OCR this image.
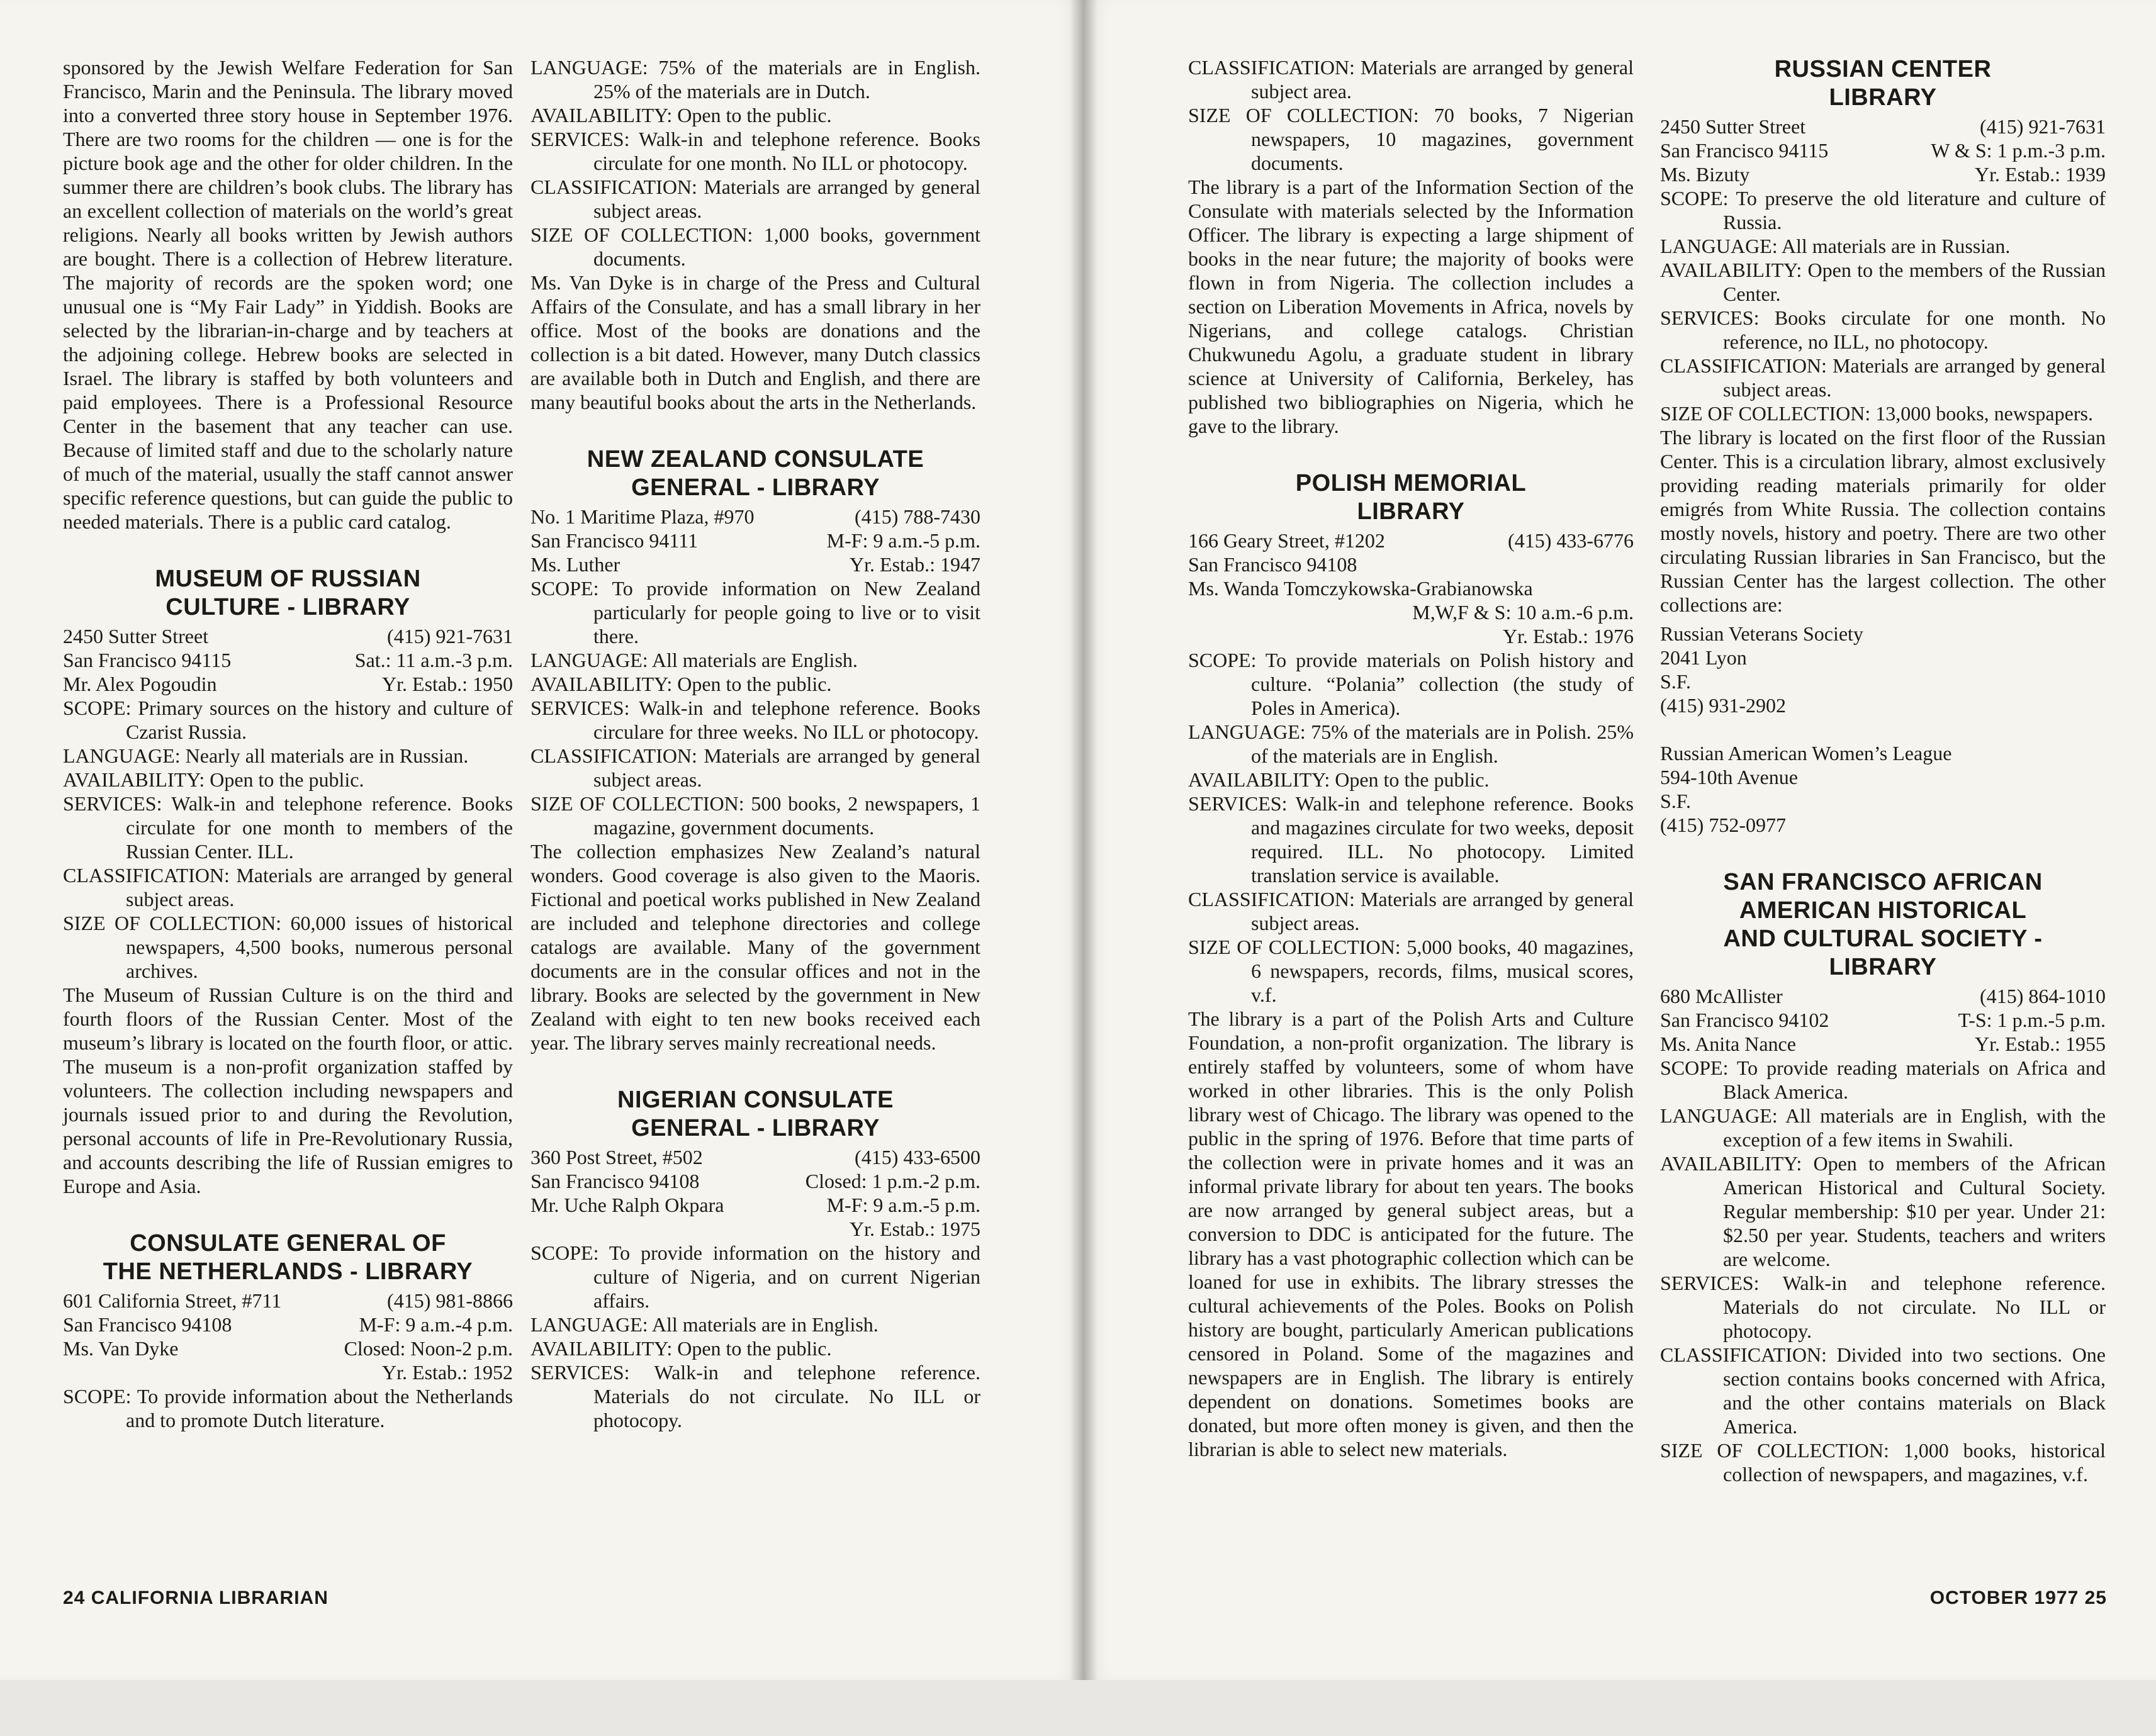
sponsored by the Jewish Welfare Federation for San Francisco, Marin and the Peninsula. The library moved into a converted three story house in September 1976. There are two rooms for the children — one is for the picture book age and the other for older children. In the summer there are children’s book clubs. The library has an excellent collection of materials on the world’s great religions. Nearly all books written by Jewish authors are bought. There is a collection of Hebrew literature. The majority of records are the spoken word; one unusual one is “My Fair Lady” in Yiddish. Books are selected by the librarian-in-charge and by teachers at the adjoining college. Hebrew books are selected in Israel. The library is staffed by both volunteers and paid employees. There is a Professional Resource Center in the basement that any teacher can use. Because of limited staff and due to the scholarly nature of much of the material, usually the staff cannot answer specific reference questions, but can guide the public to needed materials. There is a public card catalog.

MUSEUM OF RUSSIAN
CULTURE - LIBRARY
2450 Sutter Street	(415) 921-7631
San Francisco 94115	Sat.: 11 a.m.-3 p.m.
Mr. Alex Pogoudin	Yr. Estab.: 1950

SCOPE: Primary sources on the history and culture of Czarist Russia.

LANGUAGE: Nearly all materials are in Russian.

AVAILABILITY: Open to the public.

SERVICES: Walk-in and telephone reference. Books circulate for one month to members of the Russian Center. ILL.

CLASSIFICATION: Materials are arranged by general subject areas.

SIZE OF COLLECTION: 60,000 issues of historical newspapers, 4,500 books, numerous personal archives.

The Museum of Russian Culture is on the third and fourth floors of the Russian Center. Most of the museum’s library is located on the fourth floor, or attic. The museum is a non-profit organization staffed by volunteers. The collection including newspapers and journals issued prior to and during the Revolution, personal accounts of life in Pre-Revolutionary Russia, and accounts describing the life of Russian emigres to Europe and Asia.

CONSULATE GENERAL OF
THE NETHERLANDS - LIBRARY
601 California Street, #711	(415) 981-8866
San Francisco 94108	M-F: 9 a.m.-4 p.m.
Ms. Van Dyke	Closed: Noon-2 p.m.
Yr. Estab.: 1952

SCOPE: To provide information about the Netherlands and to promote Dutch literature.

LANGUAGE: 75% of the materials are in English. 25% of the materials are in Dutch.

AVAILABILITY: Open to the public.

SERVICES: Walk-in and telephone reference. Books circulate for one month. No ILL or photocopy.

CLASSIFICATION: Materials are arranged by general subject areas.

SIZE OF COLLECTION: 1,000 books, government documents.

Ms. Van Dyke is in charge of the Press and Cultural Affairs of the Consulate, and has a small library in her office. Most of the books are donations and the collection is a bit dated. However, many Dutch classics are available both in Dutch and English, and there are many beautiful books about the arts in the Netherlands.

NEW ZEALAND CONSULATE
GENERAL - LIBRARY
No. 1 Maritime Plaza, #970	(415) 788-7430
San Francisco 94111	M-F: 9 a.m.-5 p.m.
Ms. Luther	Yr. Estab.: 1947

SCOPE: To provide information on New Zealand particularly for people going to live or to visit there.

LANGUAGE: All materials are English.

AVAILABILITY: Open to the public.

SERVICES: Walk-in and telephone reference. Books circulare for three weeks. No ILL or photocopy.

CLASSIFICATION: Materials are arranged by general subject areas.

SIZE OF COLLECTION: 500 books, 2 newspapers, 1 magazine, government documents.

The collection emphasizes New Zealand’s natural wonders. Good coverage is also given to the Maoris. Fictional and poetical works published in New Zealand are included and telephone directories and college catalogs are available. Many of the government documents are in the consular offices and not in the library. Books are selected by the government in New Zealand with eight to ten new books received each year. The library serves mainly recreational needs.

NIGERIAN CONSULATE
GENERAL - LIBRARY
360 Post Street, #502	(415) 433-6500
San Francisco 94108	Closed: 1 p.m.-2 p.m.
Mr. Uche Ralph Okpara	M-F: 9 a.m.-5 p.m.
Yr. Estab.: 1975

SCOPE: To provide information on the history and culture of Nigeria, and on current Nigerian affairs.

LANGUAGE: All materials are in English.

AVAILABILITY: Open to the public.

SERVICES: Walk-in and telephone reference. Materials do not circulate. No ILL or photocopy.

CLASSIFICATION: Materials are arranged by general subject area.

SIZE OF COLLECTION: 70 books, 7 Nigerian newspapers, 10 magazines, government documents.

The library is a part of the Information Section of the Consulate with materials selected by the Information Officer. The library is expecting a large shipment of books in the near future; the majority of books were flown in from Nigeria. The collection includes a section on Liberation Movements in Africa, novels by Nigerians, and college catalogs. Christian Chukwunedu Agolu, a graduate student in library science at University of California, Berkeley, has published two bibliographies on Nigeria, which he gave to the library.

POLISH MEMORIAL
LIBRARY
166 Geary Street, #1202	(415) 433-6776
San Francisco 94108
Ms. Wanda Tomczykowska-Grabianowska
M,W,F & S: 10 a.m.-6 p.m.
Yr. Estab.: 1976

SCOPE: To provide materials on Polish history and culture. “Polania” collection (the study of Poles in America).

LANGUAGE: 75% of the materials are in Polish. 25% of the materials are in English.

AVAILABILITY: Open to the public.

SERVICES: Walk-in and telephone reference. Books and magazines circulate for two weeks, deposit required. ILL. No photocopy. Limited translation service is available.

CLASSIFICATION: Materials are arranged by general subject areas.

SIZE OF COLLECTION: 5,000 books, 40 magazines, 6 newspapers, records, films, musical scores, v.f.

The library is a part of the Polish Arts and Culture Foundation, a non-profit organization. The library is entirely staffed by volunteers, some of whom have worked in other libraries. This is the only Polish library west of Chicago. The library was opened to the public in the spring of 1976. Before that time parts of the collection were in private homes and it was an informal private library for about ten years. The books are now arranged by general subject areas, but a conversion to DDC is anticipated for the future. The library has a vast photographic collection which can be loaned for use in exhibits. The library stresses the cultural achievements of the Poles. Books on Polish history are bought, particularly American publications censored in Poland. Some of the magazines and newspapers are in English. The library is entirely dependent on donations. Sometimes books are donated, but more often money is given, and then the librarian is able to select new materials.

RUSSIAN CENTER
LIBRARY
2450 Sutter Street	(415) 921-7631
San Francisco 94115	W & S: 1 p.m.-3 p.m.
Ms. Bizuty	Yr. Estab.: 1939

SCOPE: To preserve the old literature and culture of Russia.

LANGUAGE: All materials are in Russian.

AVAILABILITY: Open to the members of the Russian Center.

SERVICES: Books circulate for one month. No reference, no ILL, no photocopy.

CLASSIFICATION: Materials are arranged by general subject areas.

SIZE OF COLLECTION: 13,000 books, newspapers.

The library is located on the first floor of the Russian Center. This is a circulation library, almost exclusively providing reading materials primarily for older emigrés from White Russia. The collection contains mostly novels, history and poetry. There are two other circulating Russian libraries in San Francisco, but the Russian Center has the largest collection. The other collections are:

Russian Veterans Society
2041 Lyon
S.F.
(415) 931-2902
Russian American Women’s League
594-10th Avenue
S.F.
(415) 752-0977
SAN FRANCISCO AFRICAN
AMERICAN HISTORICAL
AND CULTURAL SOCIETY -
LIBRARY
680 McAllister	(415) 864-1010
San Francisco 94102	T-S: 1 p.m.-5 p.m.
Ms. Anita Nance	Yr. Estab.: 1955

SCOPE: To provide reading materials on Africa and Black America.

LANGUAGE: All materials are in English, with the exception of a few items in Swahili.

AVAILABILITY: Open to members of the African American Historical and Cultural Society. Regular membership: $10 per year. Under 21: $2.50 per year. Students, teachers and writers are welcome.

SERVICES: Walk-in and telephone reference. Materials do not circulate. No ILL or photocopy.

CLASSIFICATION: Divided into two sections. One section contains books concerned with Africa, and the other contains materials on Black America.

SIZE OF COLLECTION: 1,000 books, historical collection of newspapers, and magazines, v.f.

24 CALIFORNIA LIBRARIAN	OCTOBER 1977 25
